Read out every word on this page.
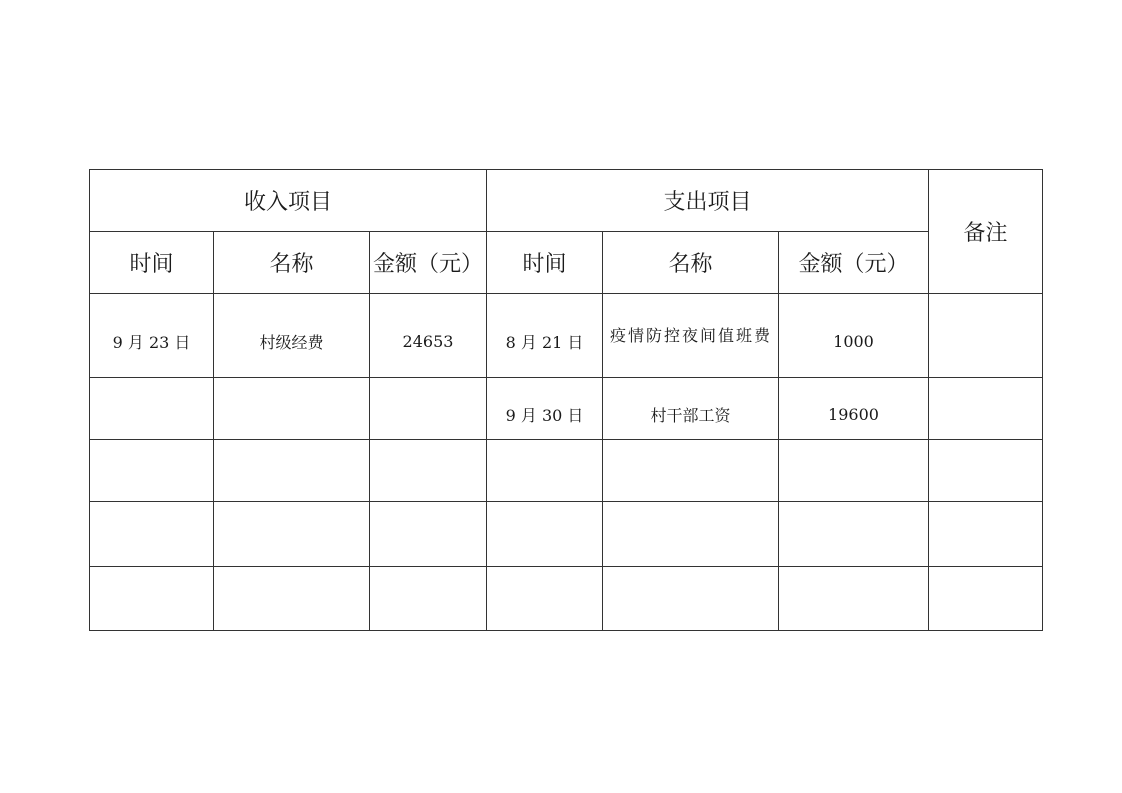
收入项目			支出项目			备注
时间	名称	金额（元）	时间	名称	金额（元）	

9 月 23 日	村级经费	24653	8 月 21 日	疫情防控夜间值班费	1000	

			9 月 30 日	村干部工资	19600	
